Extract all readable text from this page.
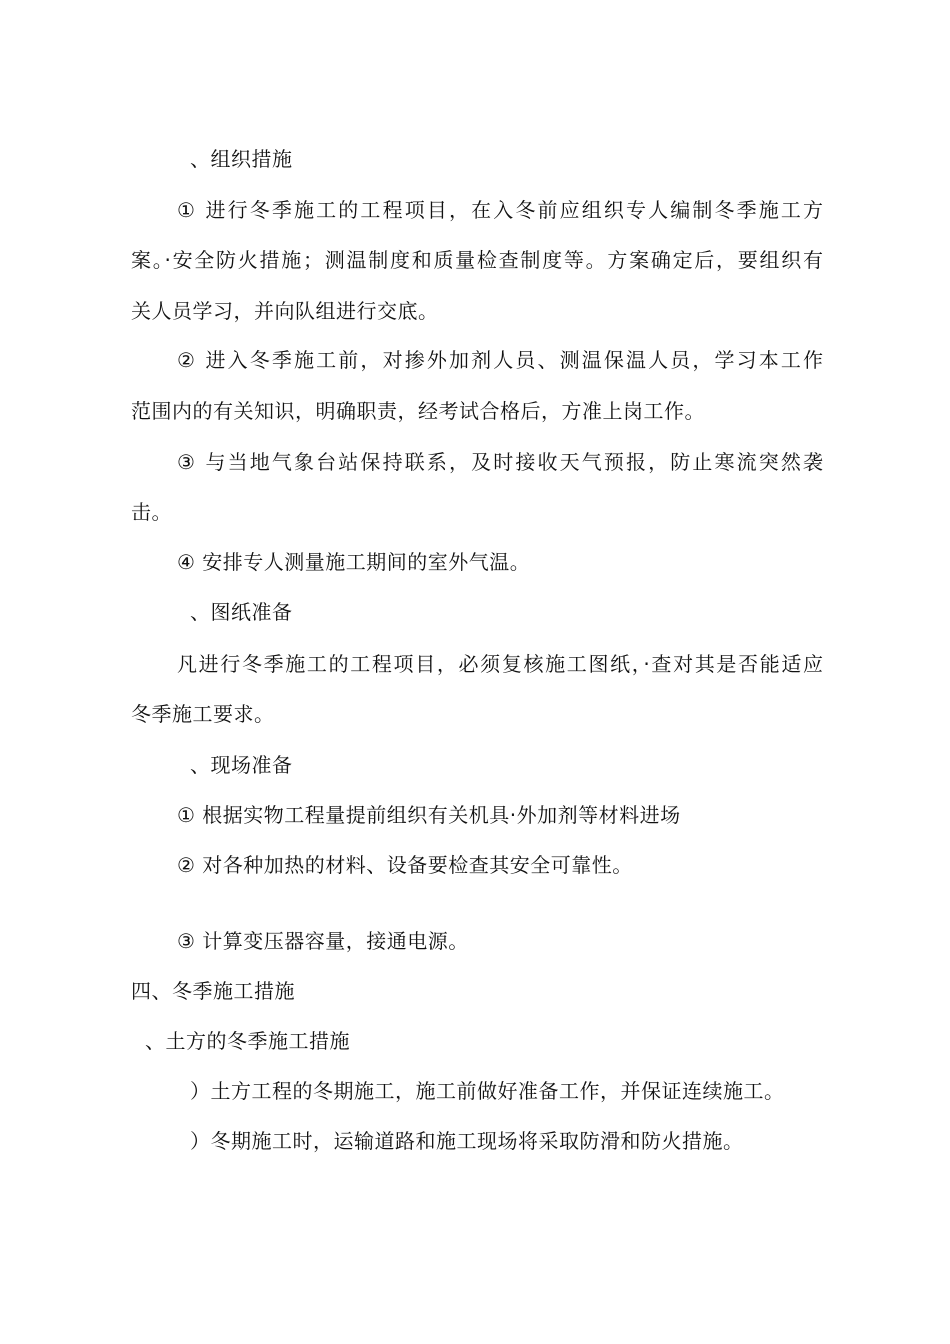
、组织措施
① 进行冬季施工的工程项目，在入冬前应组织专人编制冬季施工方
案。·安全防火措施；测温制度和质量检查制度等。方案确定后，要组织有
关人员学习，并向队组进行交底。
② 进入冬季施工前，对掺外加剂人员、测温保温人员，学习本工作
范围内的有关知识，明确职责，经考试合格后，方准上岗工作。
③ 与当地气象台站保持联系，及时接收天气预报，防止寒流突然袭
击。
④ 安排专人测量施工期间的室外气温。
、图纸准备
凡进行冬季施工的工程项目，必须复核施工图纸，·查对其是否能适应
冬季施工要求。
、现场准备
① 根据实物工程量提前组织有关机具·外加剂等材料进场
② 对各种加热的材料、设备要检查其安全可靠性。
③ 计算变压器容量，接通电源。
四、冬季施工措施
、土方的冬季施工措施
）土方工程的冬期施工，施工前做好准备工作，并保证连续施工。
）冬期施工时，运输道路和施工现场将采取防滑和防火措施。
